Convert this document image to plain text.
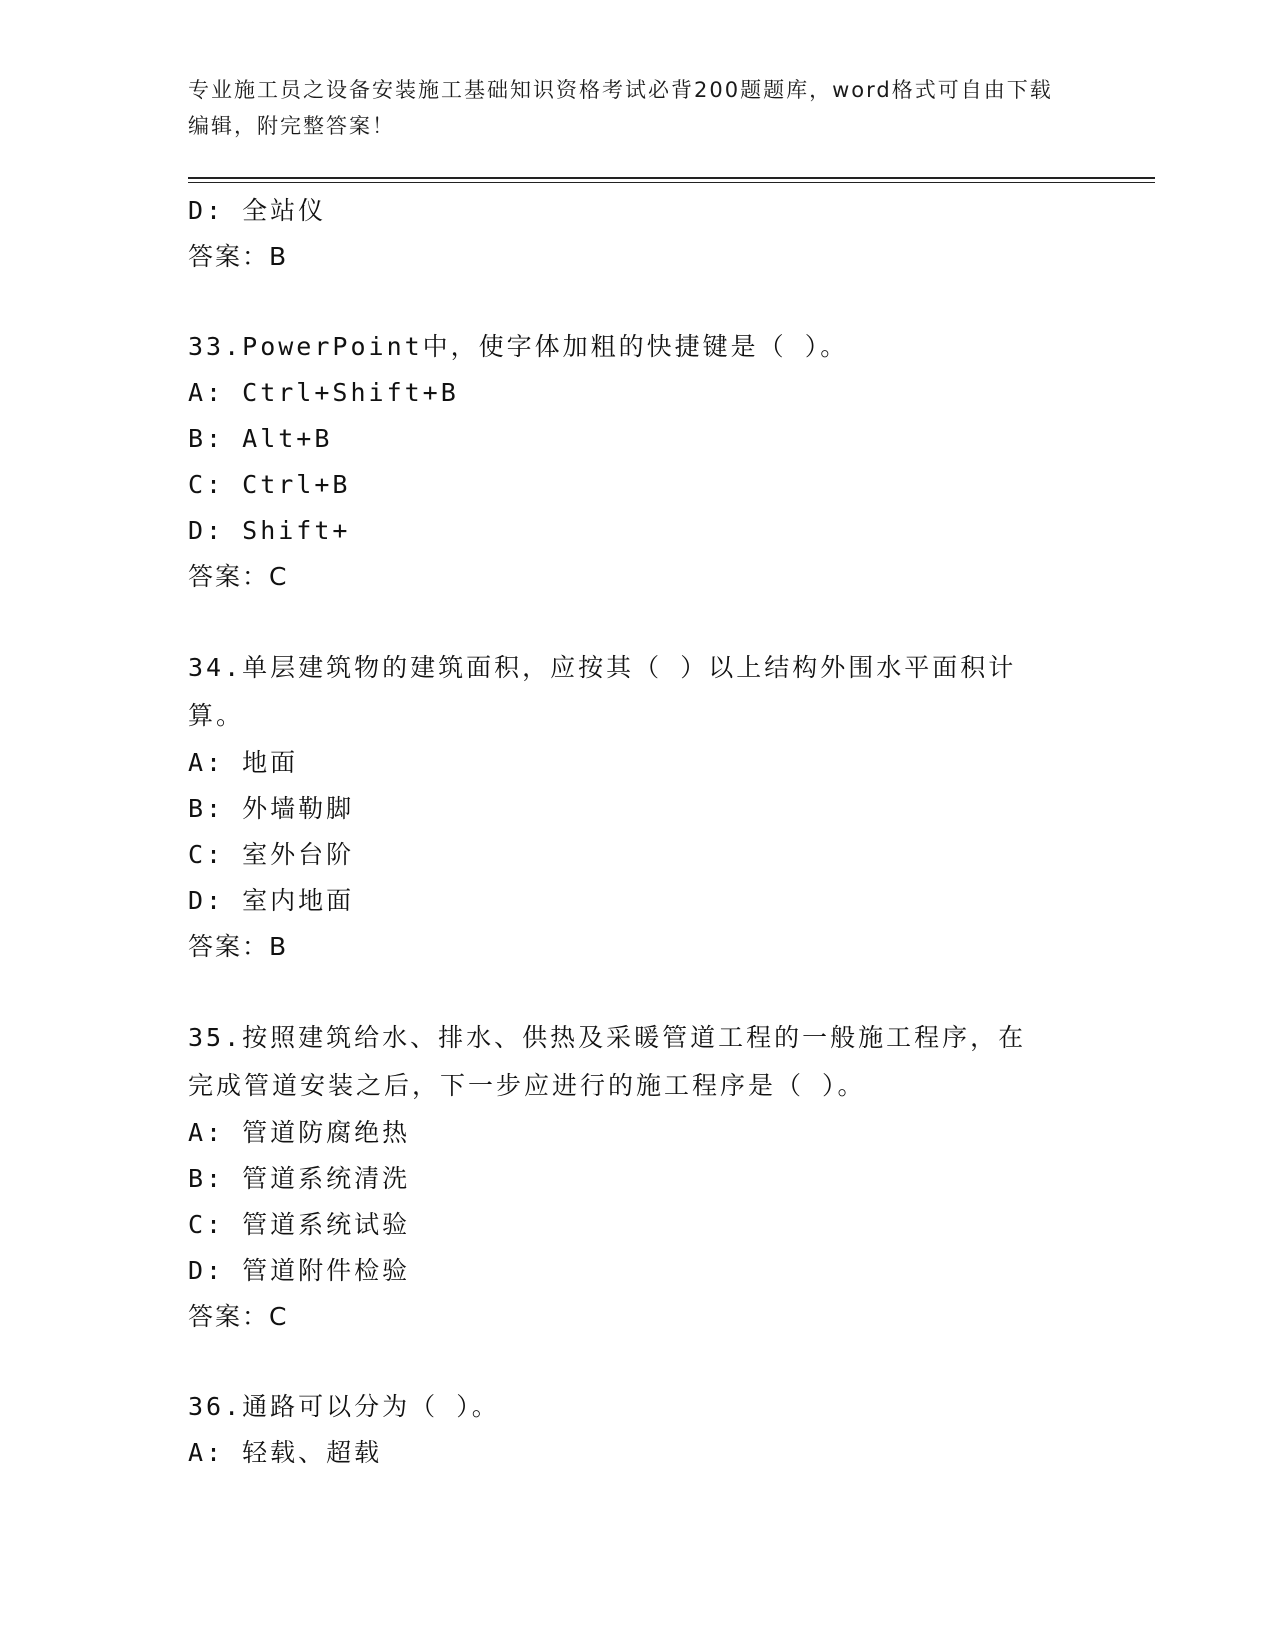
专业施工员之设备安装施工基础知识资格考试必背200题题库，word格式可自由下载编辑，附完整答案！
D: 全站仪
答案：B
33.PowerPoint中，使字体加粗的快捷键是（ ）。
A: Ctrl+Shift+B
B: Alt+B
C: Ctrl+B
D: Shift+
答案：C
34.单层建筑物的建筑面积，应按其（ ）以上结构外围水平面积计算。
A: 地面
B: 外墙勒脚
C: 室外台阶
D: 室内地面
答案：B
35.按照建筑给水、排水、供热及采暖管道工程的一般施工程序，在完成管道安装之后，下一步应进行的施工程序是（ ）。
A: 管道防腐绝热
B: 管道系统清洗
C: 管道系统试验
D: 管道附件检验
答案：C
36.通路可以分为（ ）。
A: 轻载、超载
